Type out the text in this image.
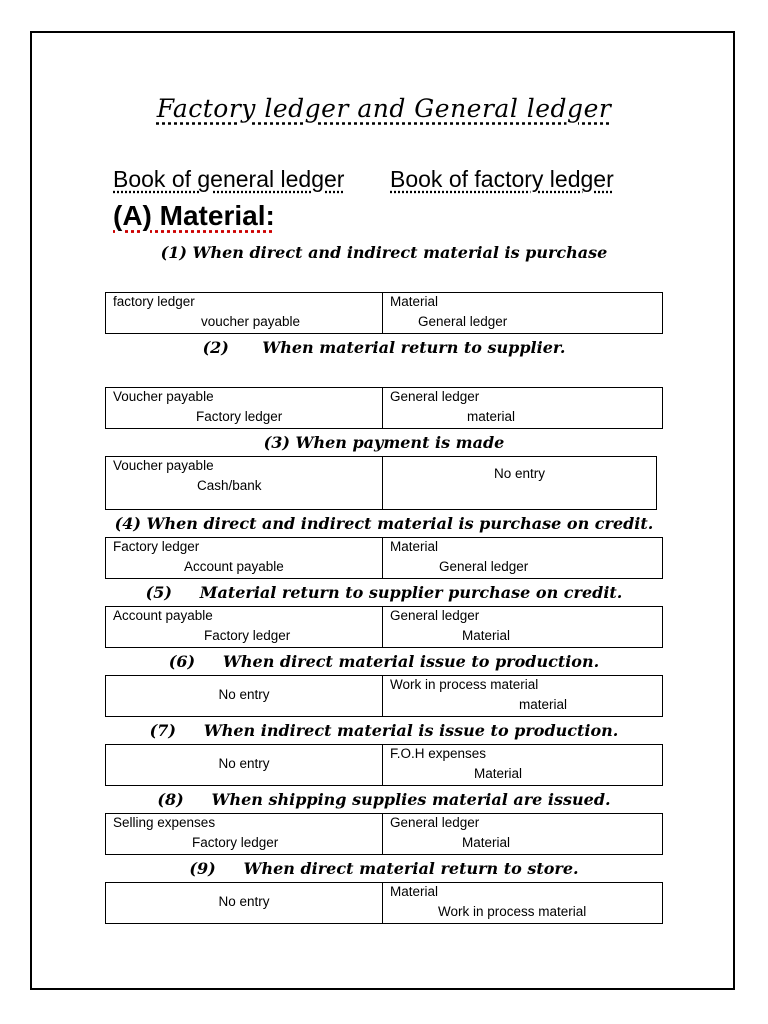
Factory ledger and General ledger
Book of general ledger Book of factory ledger
(A) Material:
(1) When direct and indirect material is purchase
factory ledger
voucher payable
Material
General ledger
(2)      When material return to supplier.
Voucher payable
Factory ledger
General ledger
material
(3) When payment is made
Voucher payable
Cash/bank
No entry
(4) When direct and indirect material is purchase on credit.
Factory ledger
Account payable
Material
General ledger
(5)     Material return to supplier purchase on credit.
Account payable
Factory ledger
General ledger
Material
(6)     When direct material issue to production.
No entry
Work in process material
material
(7)     When indirect material is issue to production.
No entry
F.O.H expenses
Material
(8)     When shipping supplies material are issued.
Selling expenses
Factory ledger
General ledger
Material
(9)     When direct material return to store.
No entry
Material
Work in process material
